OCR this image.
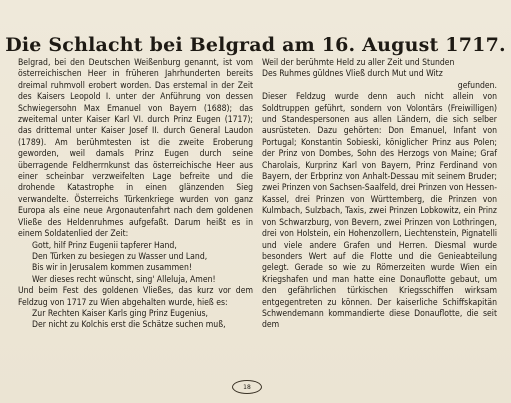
Die Schlacht bei Belgrad am 16. August 1717.

Belgrad, bei den Deutschen Weißenburg genannt, ist vom österreichischen Heer in früheren Jahrhunderten bereits dreimal ruhmvoll erobert worden. Das erstemal in der Zeit des Kaisers Leopold I. unter der Anführung von dessen Schwiegersohn Max Emanuel von Bayern (1688); das zweitemal unter Kaiser Karl VI. durch Prinz Eugen (1717); das drittemal unter Kaiser Josef II. durch General Laudon (1789). Am berühmtesten ist die zweite Eroberung geworden, weil damals Prinz Eugen durch seine überragende Feldherrnkunst das österreichische Heer aus einer scheinbar verzweifelten Lage befreite und die drohende Katastrophe in einen glänzenden Sieg verwandelte. Österreichs Türkenkriege wurden von ganz Europa als eine neue Argonautenfahrt nach dem goldenen Vließe des Heldenruhmes aufgefaßt. Darum heißt es in einem Soldatenlied der Zeit:

Gott, hilf Prinz Eugenii tapferer Hand,
Den Türken zu besiegen zu Wasser und Land,
Bis wir in Jerusalem kommen zusammen!
Wer dieses recht wünscht, sing' Alleluja, Amen!

Und beim Fest des goldenen Vließes, das kurz vor dem Feldzug von 1717 zu Wien abgehalten wurde, hieß es:

Zur Rechten Kaiser Karls ging Prinz Eugenius,
Der nicht zu Kolchis erst die Schätze suchen muß,
Weil der berühmte Held zu aller Zeit und Stunden
Des Ruhmes güldnes Vließ durch Mut und Witz

gefunden.

Dieser Feldzug wurde denn auch nicht allein von Soldtruppen geführt, sondern von Volontärs (Freiwilligen) und Standespersonen aus allen Ländern, die sich selber ausrüsteten. Dazu gehörten: Don Emanuel, Infant von Portugal; Konstantin Sobieski, königlicher Prinz aus Polen; der Prinz von Dombes, Sohn des Herzogs von Maine; Graf Charolais, Kurprinz Karl von Bayern, Prinz Ferdinand von Bayern, der Erbprinz von Anhalt-Dessau mit seinem Bruder; zwei Prinzen von Sachsen-Saalfeld, drei Prinzen von Hessen-Kassel, drei Prinzen von Württemberg, die Prinzen von Kulmbach, Sulzbach, Taxis, zwei Prinzen Lobkowitz, ein Prinz von Schwarzburg, von Bevern, zwei Prinzen von Lothringen, drei von Holstein, ein Hohenzollern, Liechtenstein, Pignatelli und viele andere Grafen und Herren. Diesmal wurde besonders Wert auf die Flotte und die Genieabteilung gelegt. Gerade so wie zu Römerzeiten wurde Wien ein Kriegshafen und man hatte eine Donauflotte gebaut, um den gefährlichen türkischen Kriegsschiffen wirksam entgegentreten zu können. Der kaiserliche Schiffskapitän Schwendemann kommandierte diese Donauflotte, die seit dem

18
